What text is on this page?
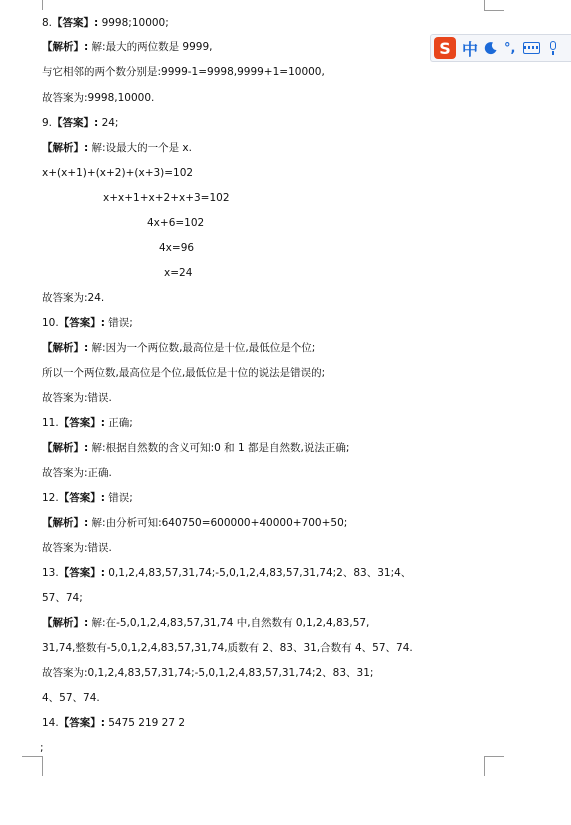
8.【答案】: 9998;10000;
【解析】: 解:最大的两位数是 9999,
与它相邻的两个数分别是:9999-1=9998,9999+1=10000,
故答案为:9998,10000.
9.【答案】: 24;
【解析】: 解:设最大的一个是 x.
x+(x+1)+(x+2)+(x+3)=102
x+x+1+x+2+x+3=102
4x+6=102
4x=96
x=24
故答案为:24.
10.【答案】: 错误;
【解析】: 解:因为一个两位数,最高位是十位,最低位是个位;
所以一个两位数,最高位是个位,最低位是十位的说法是错误的;
故答案为:错误.
11.【答案】: 正确;
【解析】: 解:根据自然数的含义可知:0 和 1 都是自然数,说法正确;
故答案为:正确.
12.【答案】: 错误;
【解析】: 解:由分析可知:640750=600000+40000+700+50;
故答案为:错误.
13.【答案】: 0,1,2,4,83,57,31,74;-5,0,1,2,4,83,57,31,74;2、83、31;4、
57、74;
【解析】: 解:在-5,0,1,2,4,83,57,31,74 中,自然数有 0,1,2,4,83,57,
31,74,整数有-5,0,1,2,4,83,57,31,74,质数有 2、83、31,合数有 4、57、74.
故答案为:0,1,2,4,83,57,31,74;-5,0,1,2,4,83,57,31,74;2、83、31;
4、57、74.
14.【答案】: 5475 219 27 2
;
S 中 °,
